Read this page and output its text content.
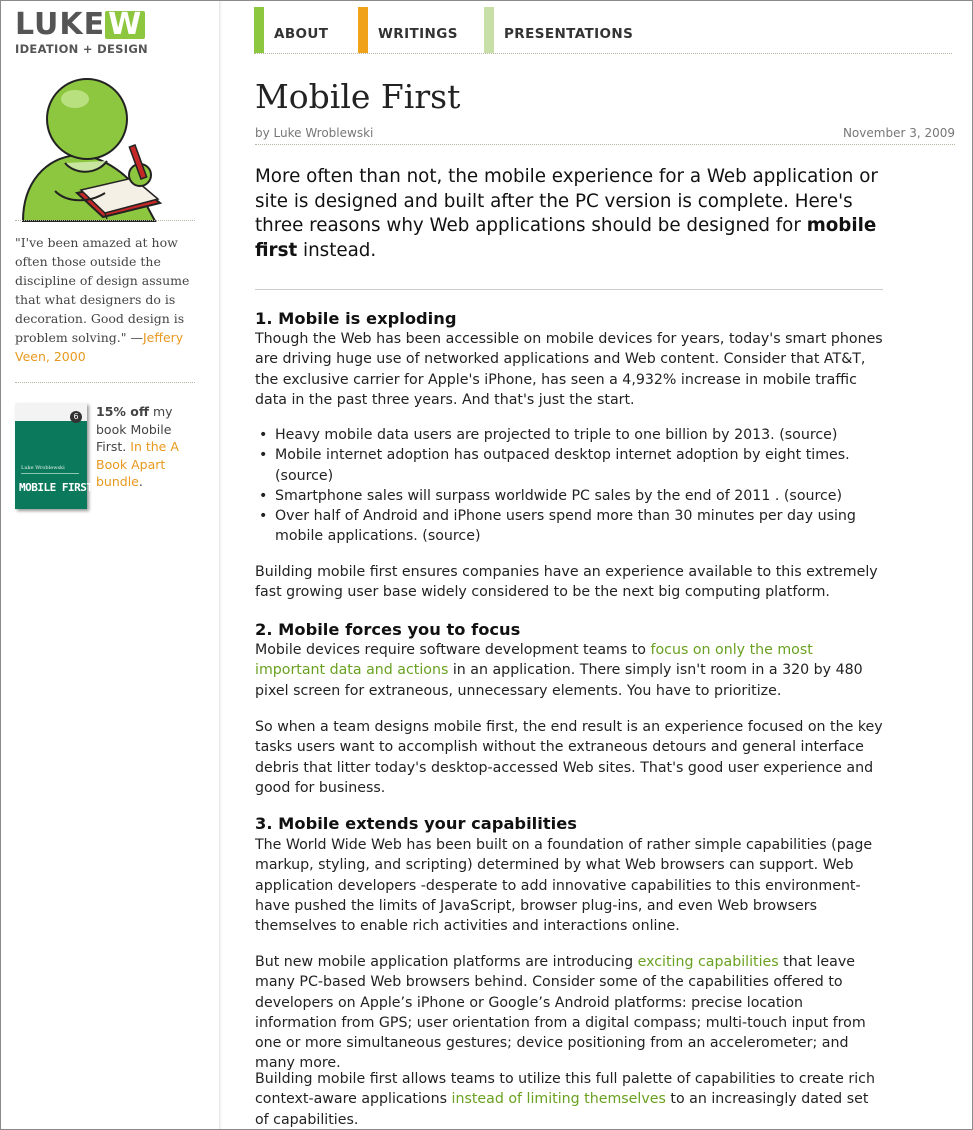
LUKE W
IDEATION + DESIGN
"I've been amazed at how often those outside the discipline of design assume that what designers do is decoration. Good design is problem solving." —Jeffery Veen, 2000
6
Luke Wroblewski
MOBILE FIRST
15% off my book Mobile First. In the A Book Apart bundle.
ABOUT	WRITINGS	PRESENTATIONS
Mobile First
by Luke Wroblewski	November 3, 2009
More often than not, the mobile experience for a Web application or site is designed and built after the PC version is complete. Here's three reasons why Web applications should be designed for mobile first instead.
1. Mobile is exploding
Though the Web has been accessible on mobile devices for years, today's smart phones are driving huge use of networked applications and Web content. Consider that AT&T, the exclusive carrier for Apple's iPhone, has seen a 4,932% increase in mobile traffic data in the past three years. And that's just the start.
• Heavy mobile data users are projected to triple to one billion by 2013. (source)
• Mobile internet adoption has outpaced desktop internet adoption by eight times. (source)
• Smartphone sales will surpass worldwide PC sales by the end of 2011 . (source)
• Over half of Android and iPhone users spend more than 30 minutes per day using mobile applications. (source)
Building mobile first ensures companies have an experience available to this extremely fast growing user base widely considered to be the next big computing platform.
2. Mobile forces you to focus
Mobile devices require software development teams to focus on only the most important data and actions in an application. There simply isn't room in a 320 by 480 pixel screen for extraneous, unnecessary elements. You have to prioritize.
So when a team designs mobile first, the end result is an experience focused on the key tasks users want to accomplish without the extraneous detours and general interface debris that litter today's desktop-accessed Web sites. That's good user experience and good for business.
3. Mobile extends your capabilities
The World Wide Web has been built on a foundation of rather simple capabilities (page markup, styling, and scripting) determined by what Web browsers can support. Web application developers -desperate to add innovative capabilities to this environment-have pushed the limits of JavaScript, browser plug-ins, and even Web browsers themselves to enable rich activities and interactions online.
But new mobile application platforms are introducing exciting capabilities that leave many PC-based Web browsers behind. Consider some of the capabilities offered to developers on Apple’s iPhone or Google’s Android platforms: precise location information from GPS; user orientation from a digital compass; multi-touch input from one or more simultaneous gestures; device positioning from an accelerometer; and many more.
Building mobile first allows teams to utilize this full palette of capabilities to create rich context-aware applications instead of limiting themselves to an increasingly dated set of capabilities.
